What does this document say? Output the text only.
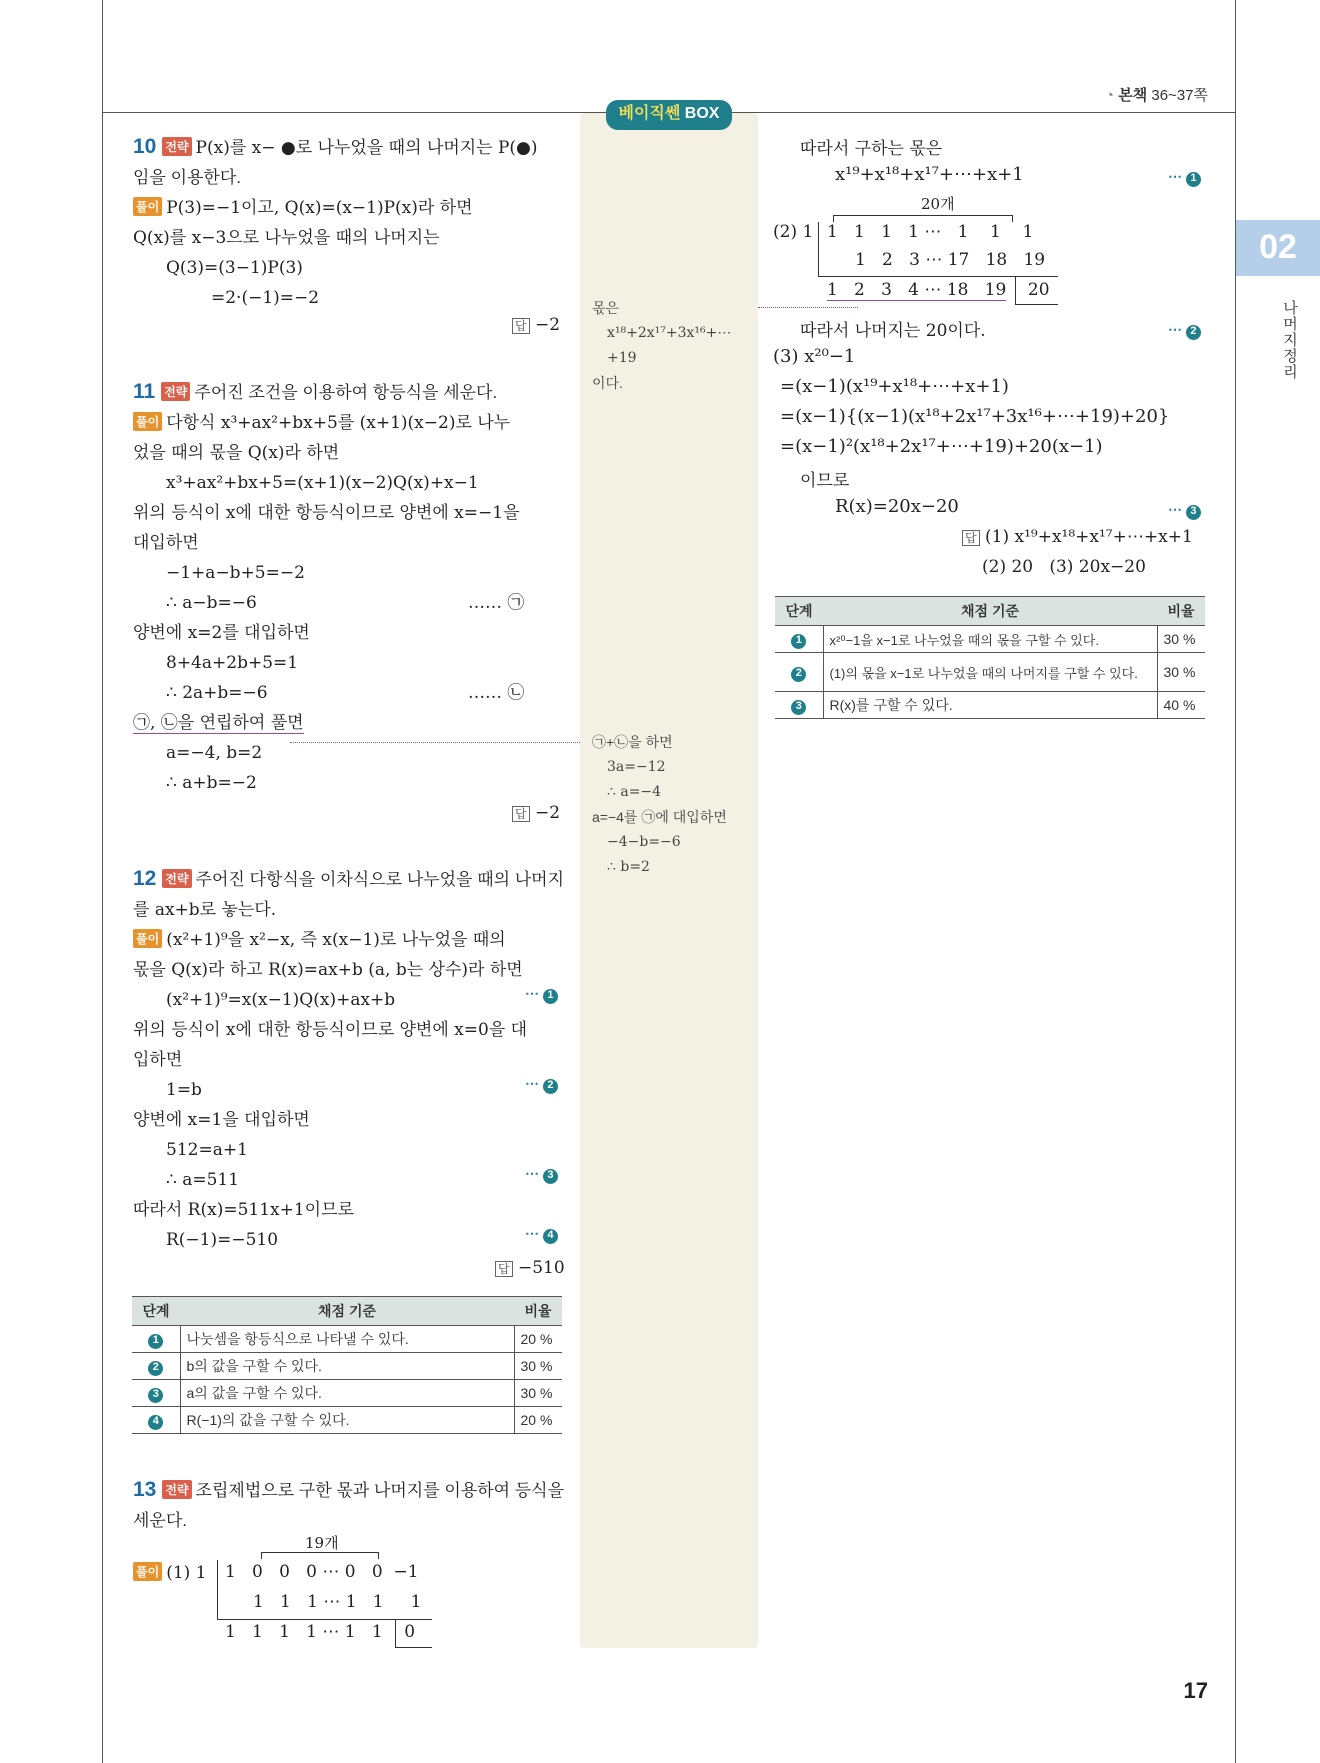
◔ 본책 36~37쪽
02
나머지정리
베이직쎈 BOX
10 전략 P(x)를 x− ●로 나누었을 때의 나머지는 P(●)
임을 이용한다.
풀이 P(3)=−1이고, Q(x)=(x−1)P(x)라 하면
Q(x)를 x−3으로 나누었을 때의 나머지는
Q(3)=(3−1)P(3)
=2·(−1)=−2
답 −2
11 전략 주어진 조건을 이용하여 항등식을 세운다.
풀이 다항식 x³+ax²+bx+5를 (x+1)(x−2)로 나누
었을 때의 몫을 Q(x)라 하면
x³+ax²+bx+5=(x+1)(x−2)Q(x)+x−1
위의 등식이 x에 대한 항등식이므로 양변에 x=−1을
대입하면
−1+a−b+5=−2
∴ a−b=−6	…… ㉠
양변에 x=2를 대입하면
8+4a+2b+5=1
∴ 2a+b=−6	…… ㉡
㉠, ㉡을 연립하여 풀면
a=−4, b=2
∴ a+b=−2
답 −2
몫은
x¹⁸+2x¹⁷+3x¹⁶+⋯
+19
이다.
㉠+㉡을 하면
3a=−12
∴ a=−4
a=−4를 ㉠에 대입하면
−4−b=−6
∴ b=2
12 전략 주어진 다항식을 이차식으로 나누었을 때의 나머지
를 ax+b로 놓는다.
풀이 (x²+1)⁹을 x²−x, 즉 x(x−1)로 나누었을 때의
몫을 Q(x)라 하고 R(x)=ax+b (a, b는 상수)라 하면
(x²+1)⁹=x(x−1)Q(x)+ax+b	⋯ 1
위의 등식이 x에 대한 항등식이므로 양변에 x=0을 대
입하면
1=b	⋯ 2
양변에 x=1을 대입하면
512=a+1
∴ a=511	⋯ 3
따라서 R(x)=511x+1이므로
R(−1)=−510	⋯ 4
답 −510
단계	채점 기준	비율
1	나눗셈을 항등식으로 나타낼 수 있다.	20 %
2	b의 값을 구할 수 있다.	30 %
3	a의 값을 구할 수 있다.	30 %
4	R(−1)의 값을 구할 수 있다.	20 %
13 전략 조립제법으로 구한 몫과 나머지를 이용하여 등식을
세운다.
19개
풀이 (1) 1 1 0 0 0 ⋯ 0 0 −1
1 1 1 ⋯ 1 1 1
1 1 1 1 ⋯ 1 1 0
따라서 구하는 몫은
x¹⁹+x¹⁸+x¹⁷+⋯+x+1	⋯ 1
20개
(2) 1 1 1 1 1 ⋯ 1 1 1
1 2 3 ⋯ 17 18 19
1 2 3 4 ⋯ 18 19 20
따라서 나머지는 20이다.	⋯ 2
(3) x²⁰−1
=(x−1)(x¹⁹+x¹⁸+⋯+x+1)
=(x−1){(x−1)(x¹⁸+2x¹⁷+3x¹⁶+⋯+19)+20}
=(x−1)²(x¹⁸+2x¹⁷+⋯+19)+20(x−1)
이므로
R(x)=20x−20	⋯ 3
답 (1) x¹⁹+x¹⁸+x¹⁷+⋯+x+1
(2) 20   (3) 20x−20
단계	채점 기준	비율
1	x²⁰−1을 x−1로 나누었을 때의 몫을 구할 수 있다.	30 %
2	(1)의 몫을 x−1로 나누었을 때의 나머지를 구할 수 있다.	30 %
3	R(x)를 구할 수 있다.	40 %
17
